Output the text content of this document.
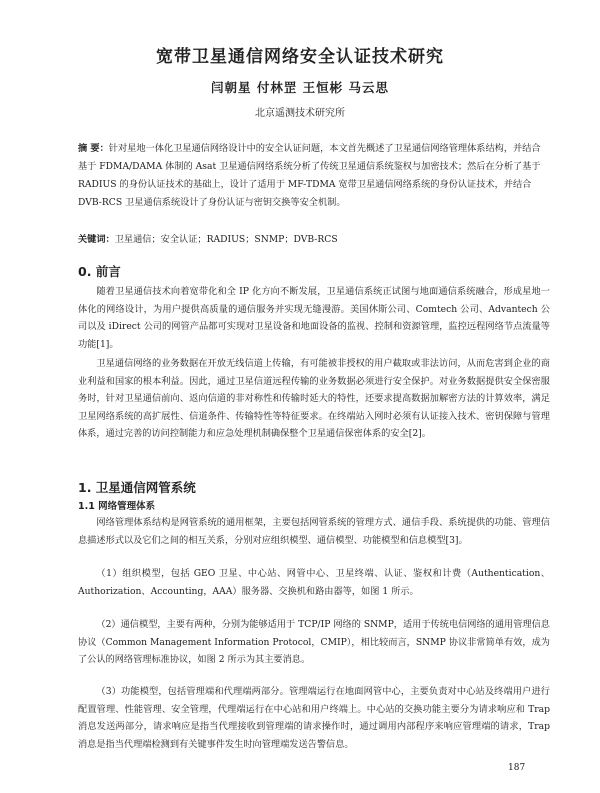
宽带卫星通信网络安全认证技术研究
闫朝星 付林罡 王恒彬 马云思
北京遥测技术研究所
摘 要：针对星地一体化卫星通信网络设计中的安全认证问题，本文首先概述了卫星通信网络管理体系结构，并结合基于 FDMA/DAMA 体制的 Asat 卫星通信网络系统分析了传统卫星通信系统鉴权与加密技术；然后在分析了基于 RADIUS 的身份认证技术的基础上，设计了适用于 MF-TDMA 宽带卫星通信网络系统的身份认证技术，并结合 DVB-RCS 卫星通信系统设计了身份认证与密钥交换等安全机制。
关键词：卫星通信；安全认证；RADIUS；SNMP；DVB-RCS
0. 前言
随着卫星通信技术向着宽带化和全 IP 化方向不断发展，卫星通信系统正试图与地面通信系统融合，形成星地一体化的网络设计，为用户提供高质量的通信服务并实现无缝漫游。美国休斯公司、Comtech 公司、Advantech 公司以及 iDirect 公司的网管产品都可实现对卫星设备和地面设备的监视、控制和资源管理，监控远程网络节点流量等功能[1]。
卫星通信网络的业务数据在开放无线信道上传输，有可能被非授权的用户截取或非法访问，从而危害到企业的商业利益和国家的根本利益。因此，通过卫星信道远程传输的业务数据必须进行安全保护。对业务数据提供安全保密服务时，针对卫星通信前向、返向信道的非对称性和传输时延大的特性，还要求提高数据加解密方法的计算效率，满足卫星网络系统的高扩展性、信道条件、传输特性等特征要求。在终端站入网时必须有认证接入技术、密钥保障与管理体系，通过完善的访问控制能力和应急处理机制确保整个卫星通信保密体系的安全[2]。
1. 卫星通信网管系统
1.1 网络管理体系
网络管理体系结构是网管系统的通用框架，主要包括网管系统的管理方式、通信手段、系统提供的功能、管理信息描述形式以及它们之间的相互关系，分别对应组织模型、通信模型、功能模型和信息模型[3]。
（1）组织模型，包括 GEO 卫星、中心站、网管中心、卫星终端、认证、鉴权和计费（Authentication、Authorization、Accounting，AAA）服务器、交换机和路由器等，如图 1 所示。
（2）通信模型，主要有两种，分别为能够适用于 TCP/IP 网络的 SNMP，适用于传统电信网络的通用管理信息协议（Common Management Information Protocol，CMIP），相比较而言，SNMP 协议非常简单有效，成为了公认的网络管理标准协议，如图 2 所示为其主要消息。
（3）功能模型，包括管理端和代理端两部分。管理端运行在地面网管中心，主要负责对中心站及终端用户进行配置管理、性能管理、安全管理，代理端运行在中心站和用户终端上。中心站的交换功能主要分为请求响应和 Trap 消息发送两部分，请求响应是指当代理接收到管理端的请求操作时，通过调用内部程序来响应管理端的请求，Trap 消息是指当代理端检测到有关键事件发生时向管理端发送告警信息。
187
